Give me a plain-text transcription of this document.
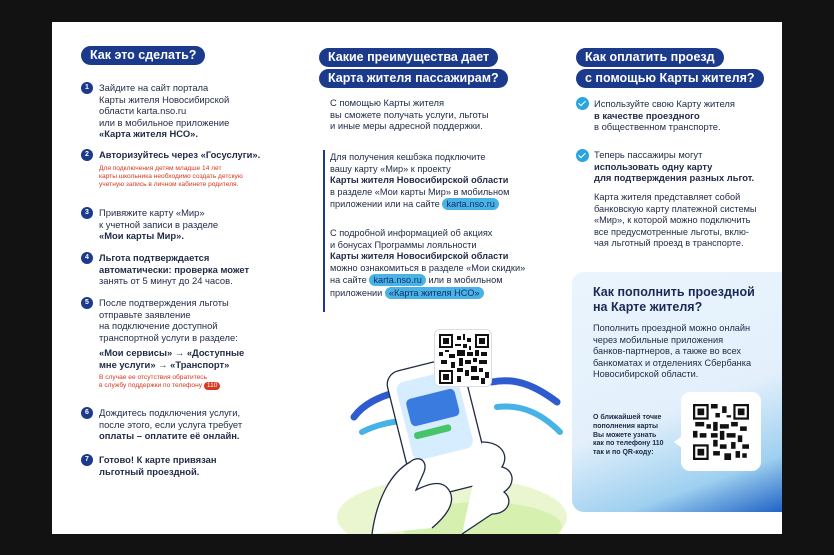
Как это сделать?
1	Зайдите на сайт портала
Карты жителя Новосибирской
области karta.nso.ru
или в мобильное приложение
«Карта жителя НСО».
2	Авторизуйтесь через «Госуслуги».
Для подключения детям младше 14 лет
карты школьника необходимо создать детскую
учетную запись в личном кабинете родителя.
3	Привяжите карту «Мир»
к учетной записи в разделе
«Мои карты Мир».
4	Льгота подтверждается
автоматически: проверка может
занять от 5 минут до 24 часов.
5	После подтверждения льготы
отправьте заявление
на подключение доступной
транспортной услуги в разделе:
«Мои сервисы» → «Доступные
мне услуги» → «Транспорт»
В случае ее отсутствия обратитесь
в службу поддержки по телефону 110
6	Дождитесь подключения услуги,
после этого, если услуга требует
оплаты – оплатите её онлайн.
7	Готово! К карте привязан
льготный проездной.
Какие преимущества дает
Карта жителя пассажирам?
С помощью Карты жителя
вы сможете получать услуги, льготы
и иные меры адресной поддержки.
Для получения кешбэка подключите
вашу карту «Мир» к проекту
Карты жителя Новосибирской области
в разделе «Мои карты Мир» в мобильном
приложении или на сайте karta.nso.ru
С подробной информацией об акциях
и бонусах Программы лояльности
Карты жителя Новосибирской области
можно ознакомиться в разделе «Мои скидки»
на сайте karta.nso.ru или в мобильном
приложении «Карта жителя НСО»
Как оплатить проезд
с помощью Карты жителя?
Используйте свою Карту жителя
в качестве проездного
в общественном транспорте.
Теперь пассажиры могут
использовать одну карту
для подтверждения разных льгот.
Карта жителя представляет собой
банковскую карту платежной системы
«Мир», к которой можно подключить
все предусмотренные льготы, вклю-
чая льготный проезд в транспорте.
Как пополнить проездной
на Карте жителя?
Пополнить проездной можно онлайн
через мобильные приложения
банков-партнеров, а также во всех
банкоматах и отделениях Сбербанка
Новосибирской области.
О ближайшей точке
пополнения карты
Вы можете узнать
как по телефону 110
так и по QR-коду:
